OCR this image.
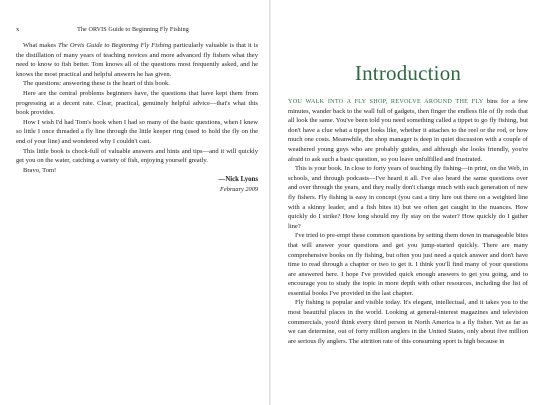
x	The ORVIS Guide to Beginning Fly Fishing

What makes The Orvis Guide to Beginning Fly Fishing particularly valuable is that it is the distillation of many years of teaching novices and more advanced fly fishers what they need to know to fish better. Tom knows all of the questions most frequently asked, and he knows the most practical and helpful answers he has given.

The questions: answering these is the heart of this book.

Here are the central problems beginners have, the questions that have kept them from progressing at a decent rate. Clear, practical, genuinely helpful advice—that's what this book provides.

How I wish I'd had Tom's book when I had so many of the basic questions, when I knew so little I once threaded a fly line through the little keeper ring (used to hold the fly on the end of your line) and wondered why I couldn't cast.

This little book is chock-full of valuable answers and hints and tips—and it will quickly get you on the water, catching a variety of fish, enjoying yourself greatly.

Bravo, Tom!

—Nick Lyons
February 2009
Introduction

YOU WALK INTO A FLY SHOP, REVOLVE AROUND THE FLY bins for a few minutes, wander back to the wall full of gadgets, then finger the endless file of fly rods that all look the same. You've been told you need something called a tippet to go fly fishing, but don't have a clue what a tippet looks like, whether it attaches to the reel or the rod, or how much one costs. Meanwhile, the shop manager is deep in quiet discussion with a couple of weathered young guys who are probably guides, and although she looks friendly, you're afraid to ask such a basic question, so you leave unfulfilled and frustrated.

This is your book. In close to forty years of teaching fly fishing—in print, on the Web, in schools, and through podcasts—I've heard it all. I've also heard the same questions over and over through the years, and they really don't change much with each generation of new fly fishers. Fly fishing is easy in concept (you cast a tiny lure out there on a weighted line with a skinny leader, and a fish bites it) but we often get caught in the nuances. How quickly do I strike? How long should my fly stay on the water? How quickly do I gather line?

I've tried to pre-empt these common questions by setting them down in manageable bites that will answer your questions and get you jump-started quickly. There are many comprehensive books on fly fishing, but often you just need a quick answer and don't have time to read through a chapter or two to get it. I think you'll find many of your questions are answered here. I hope I've provided quick enough answers to get you going, and to encourage you to study the topic in more depth with other resources, including the list of essential books I've provided in the last chapter.

Fly fishing is popular and visible today. It's elegant, intellectual, and it takes you to the most beautiful places in the world. Looking at general-interest magazines and television commercials, you'd think every third person in North America is a fly fisher. Yet as far as we can determine, out of forty million anglers in the United States, only about five million are serious fly anglers. The attrition rate of this consuming sport is high because in
